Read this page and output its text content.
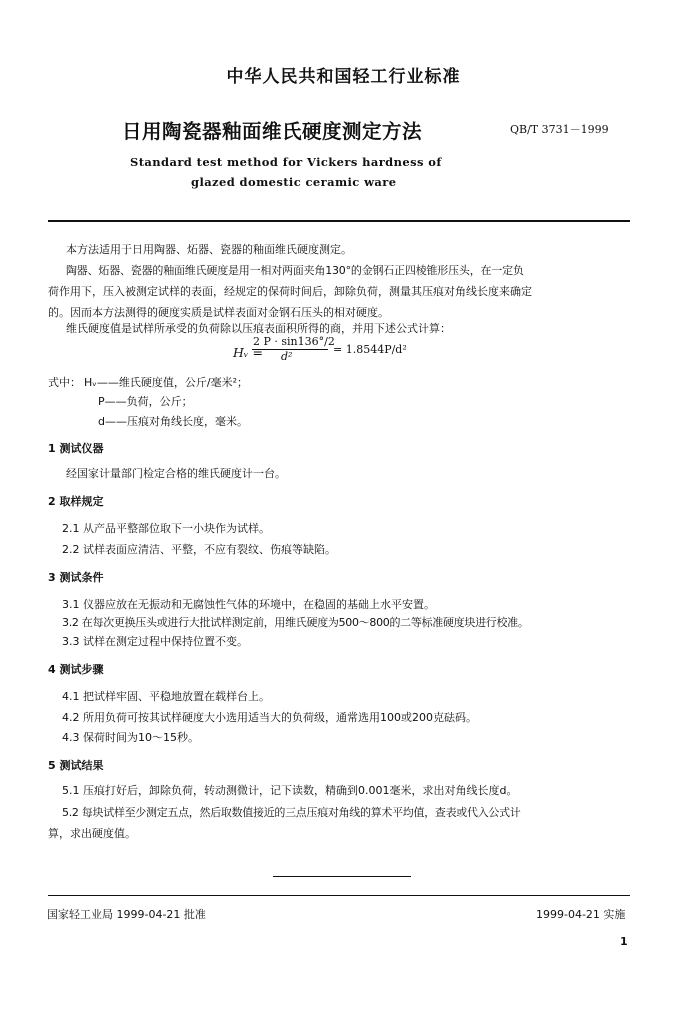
中华人民共和国轻工行业标准
日用陶瓷器釉面维氏硬度测定方法	QB/T 3731－1999
Standard test method for Vickers hardness of
glazed domestic ceramic ware
本方法适用于日用陶器、炻器、瓷器的釉面维氏硬度测定。
陶器、炻器、瓷器的釉面维氏硬度是用一相对两面夹角130°的金钢石正四棱锥形压头，在一定负
荷作用下，压入被测定试样的表面，经规定的保荷时间后，卸除负荷，测量其压痕对角线长度来确定
的。因而本方法测得的硬度实质是试样表面对金钢石压头的相对硬度。
维氏硬度值是试样所承受的负荷除以压痕表面积所得的商，并用下述公式计算：
Hᵥ =
2 P · sin136°/2
d²
= 1.8544P/d²
式中： Hᵥ——维氏硬度值，公斤/毫米²；
P——负荷，公斤；
d——压痕对角线长度，毫米。
1 测试仪器
经国家计量部门检定合格的维氏硬度计一台。
2 取样规定
2.1 从产品平整部位取下一小块作为试样。
2.2 试样表面应清洁、平整，不应有裂纹、伤痕等缺陷。
3 测试条件
3.1 仪器应放在无振动和无腐蚀性气体的环境中，在稳固的基础上水平安置。
3.2 在每次更换压头或进行大批试样测定前，用维氏硬度为500～800的二等标准硬度块进行校准。
3.3 试样在测定过程中保持位置不变。
4 测试步骤
4.1 把试样牢固、平稳地放置在载样台上。
4.2 所用负荷可按其试样硬度大小选用适当大的负荷级，通常选用100或200克砝码。
4.3 保荷时间为10～15秒。
5 测试结果
5.1 压痕打好后，卸除负荷，转动测微计，记下读数，精确到0.001毫米，求出对角线长度d。
5.2 每块试样至少测定五点，然后取数值接近的三点压痕对角线的算术平均值，查表或代入公式计
算，求出硬度值。
国家轻工业局 1999-04-21 批准	1999-04-21 实施
1
